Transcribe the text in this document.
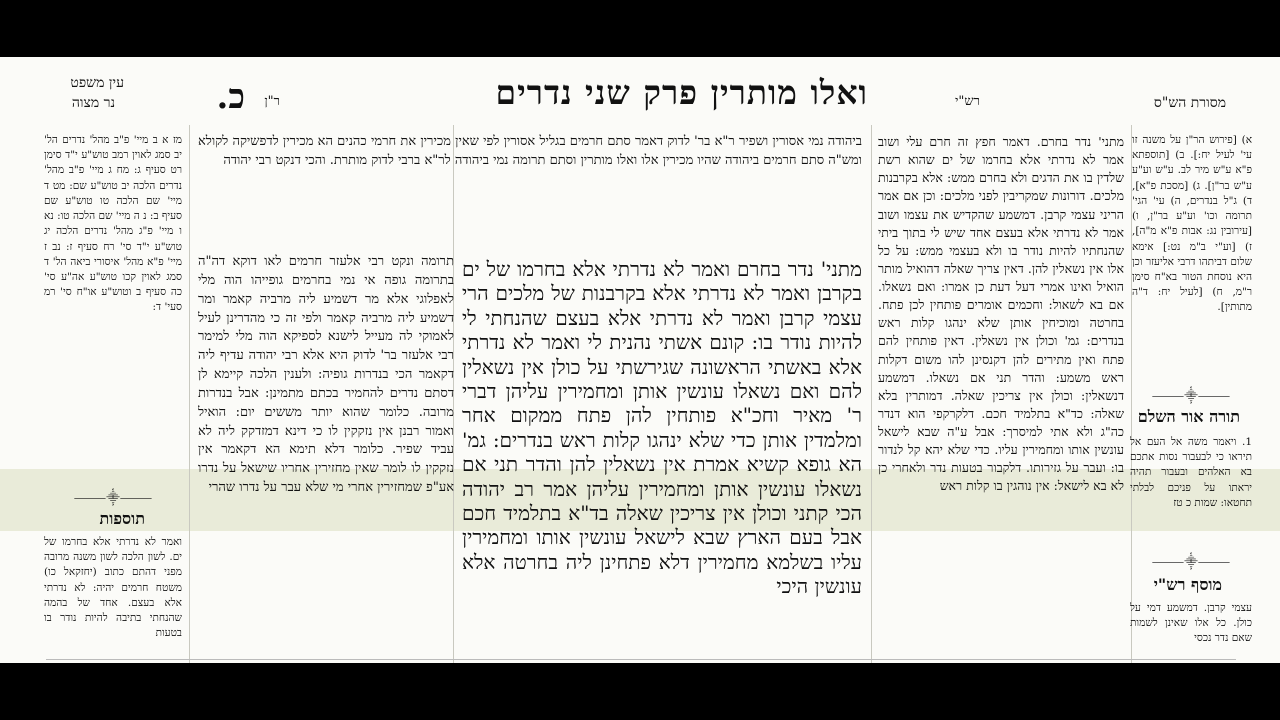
מסורת הש"ס
רש"י
ואלו מותרין פרק שני נדרים
ר"ן
כ.
עין משפט
נר מצוה
א) [פירוש הר"ן על משנה זו עי' לעיל יח:]. ב) [תוספתא פ"א ע"ש מיר לב. ע"ש וע"ע ע"ש בר"ן]. ג) [מסכת פ"א], ד) ג"ל בנדרים, ה) עי' הגי' תרומה וכו' וע"ע בר"ן, ו) [עירובין נג: אבות פ"א מ"ה], ז) [וע"י ב"מ נט:] אימא שלום דביתהו דרבי אליעזר וכן היא נוסחת הטור בא"ח סימן ר"מ, ח) [לעיל יח: ד"ה מתותין].
⸻⸎⸻
תורה אור השלם
1. ויאמר משה אל העם אל תיראו כי לבעבור נסות אתכם בא האלהים ובעבור תהיה יראתו על פניכם לבלתי תחטאו: שמות כ טז
⸻⸎⸻
מוסף רש"י
עצמי קרבן. דמשמע דמי על כולן. כל אלו שאינן לשמות שאם נדר נכסי
מתני' נדר בחרם. דאמר חפץ זה חרם עלי ושוב אמר לא נדרתי אלא בחרמו של ים שהוא רשת שלדין בו את הדגים ולא בחרם ממש: אלא בקרבנות מלכים. דורונות שמקריבין לפני מלכים: וכן אם אמר הריני עצמי קרבן. דמשמע שהקדיש את עצמו ושוב אמר לא נדרתי אלא בעצם אחד שיש לי בתוך ביתי שהנחתיו להיות נודר בו ולא בעצמי ממש: על כל אלו אין נשאלין להן. דאין צריך שאלה דהואיל מותר הואיל ואינו אמרי דעל דעת כן אמרו: ואם נשאלו. אם בא לשאול: וחכמים אומרים פותחין לכן פתח. בחרטה ומוכיחין אותן שלא ינהגו קלות ראש בנדרים: גמ' וכולן אין נשאלין. דאין פותחין להם פתח ואין מתירים להן דקנסינן להו משום דקלות ראש משמע: והדר תני אם נשאלו. דמשמע דנשאלין: וכולן אין צריכין שאלה. דמותרין בלא שאלה: כד"א בתלמיד חכם. דלקרקפי הוא דנדר כה"ג ולא אתי למיסרך: אבל ע"ה שבא לישאל עונשין אותו ומחמירין עליו. כדי שלא יהא קל לנדור בו: ועבר על גזירותו. דלקבור בטעות נדר ולאחרי כן לא בא לישאל: אין נוהגין בו קלות ראש
מתני' נדר בחרם ואמר לא נדרתי אלא בחרמו של ים בקרבן ואמר לא נדרתי אלא בקרבנות של מלכים הרי עצמי קרבן ואמר לא נדרתי אלא בעצם שהנחתי לי להיות נודר בו: קונם אשתי נהנית לי ואמר לא נדרתי אלא באשתי הראשונה שגירשתי על כולן אין נשאלין להם ואם נשאלו עונשין אותן ומחמירין עליהן דברי ר' מאיר וחכ"א פותחין להן פתח ממקום אחר ומלמדין אותן כדי שלא ינהגו קלות ראש בנדרים: גמ' הא גופא קשיא אמרת אין נשאלין להן והדר תני אם נשאלו עונשין אותן ומחמירין עליהן אמר רב יהודה הכי קתני וכולן אין צריכין שאלה בד"א בתלמיד חכם אבל בעם הארץ שבא לישאל עונשין אותו ומחמירין עליו בשלמא מחמירין דלא פתחינן ליה בחרטה אלא עונשין היכי
ביהודה נמי אסורין ושפיר ר"א בר' לדוק דאמר סתם חרמים בגליל אסורין לפי שאין מכירין את חרמי כהנים הא מכירין לדפשיקה לקולא ומש"ה סתם חרמים ביהודה שהיו מכירין אלו ואלו מותרין וסתם תרומה נמי ביהודה לר"א ברבי לדוק מותרת. והכי דנקט רבי יהודה
תרומה ונקט רבי אלעזר חרמים לאו דוקא דה"ה בתרומה גופה אי נמי בחרמים גופייהו הוה מלי לאפלוגי אלא מר דשמיע ליה מרביה קאמר ומר דשמיע ליה מרביה קאמר ולפי זה כי מהדרינן לעיל לאמוקי לה מעייל לישנא לספיקא הוה מלי למימר רבי אלעזר בר' לדוק היא אלא רבי יהודה עדיף ליה דקאמר הכי בנדרות גופיה: ולענין הלכה קיימא לן דסתם נדרים להחמיר בכתם מתמינן: אבל בנדרות מרובה. כלומר שהוא יותר מששים יום: הואיל ואמור רבנן אין נזקקין לו כי דינא דמזדקק ליה לא עביד שפיר. כלומר דלא תימא הא דקאמר אין נזקקין לו לומר שאין מחזירין אחריו שישאל על נדרו אע"פ שמחזירין אחרי מי שלא עבר על נדרו שהרי
מז א ב מיי' פ"ב מהל' נדרים הל' יב סמג לאוין רמב טוש"ע י"ד סימן רט סעיף ג: מח ג מיי' פ"ב מהל' נדרים הלכה יב טוש"ע שם: מט ד מיי' שם הלכה טו טוש"ע שם סעיף ב: נ ה מיי' שם הלכה טו: נא ו מיי' פ"ג מהל' נדרים הלכה יג טוש"ע י"ד סי' רח סעיף ז: נב ז מיי' פ"א מהל' איסורי ביאה הל' ד סמג לאוין קכו טוש"ע אה"ע סי' כה סעיף ב וטוש"ע או"ח סי' רמ סעי' ד:
⸻⸎⸻
תוספות
ואמר לא נדרתי אלא בחרמו של ים. לשון הלכה לשון משנה מרובה מפני דהתם כתוב (יחזקאל כו) משטח חרמים יהיה: לא נדרתי אלא בעצם. אחד של בהמה שהנחתי בתיבה להיות נודר בו בטעות
